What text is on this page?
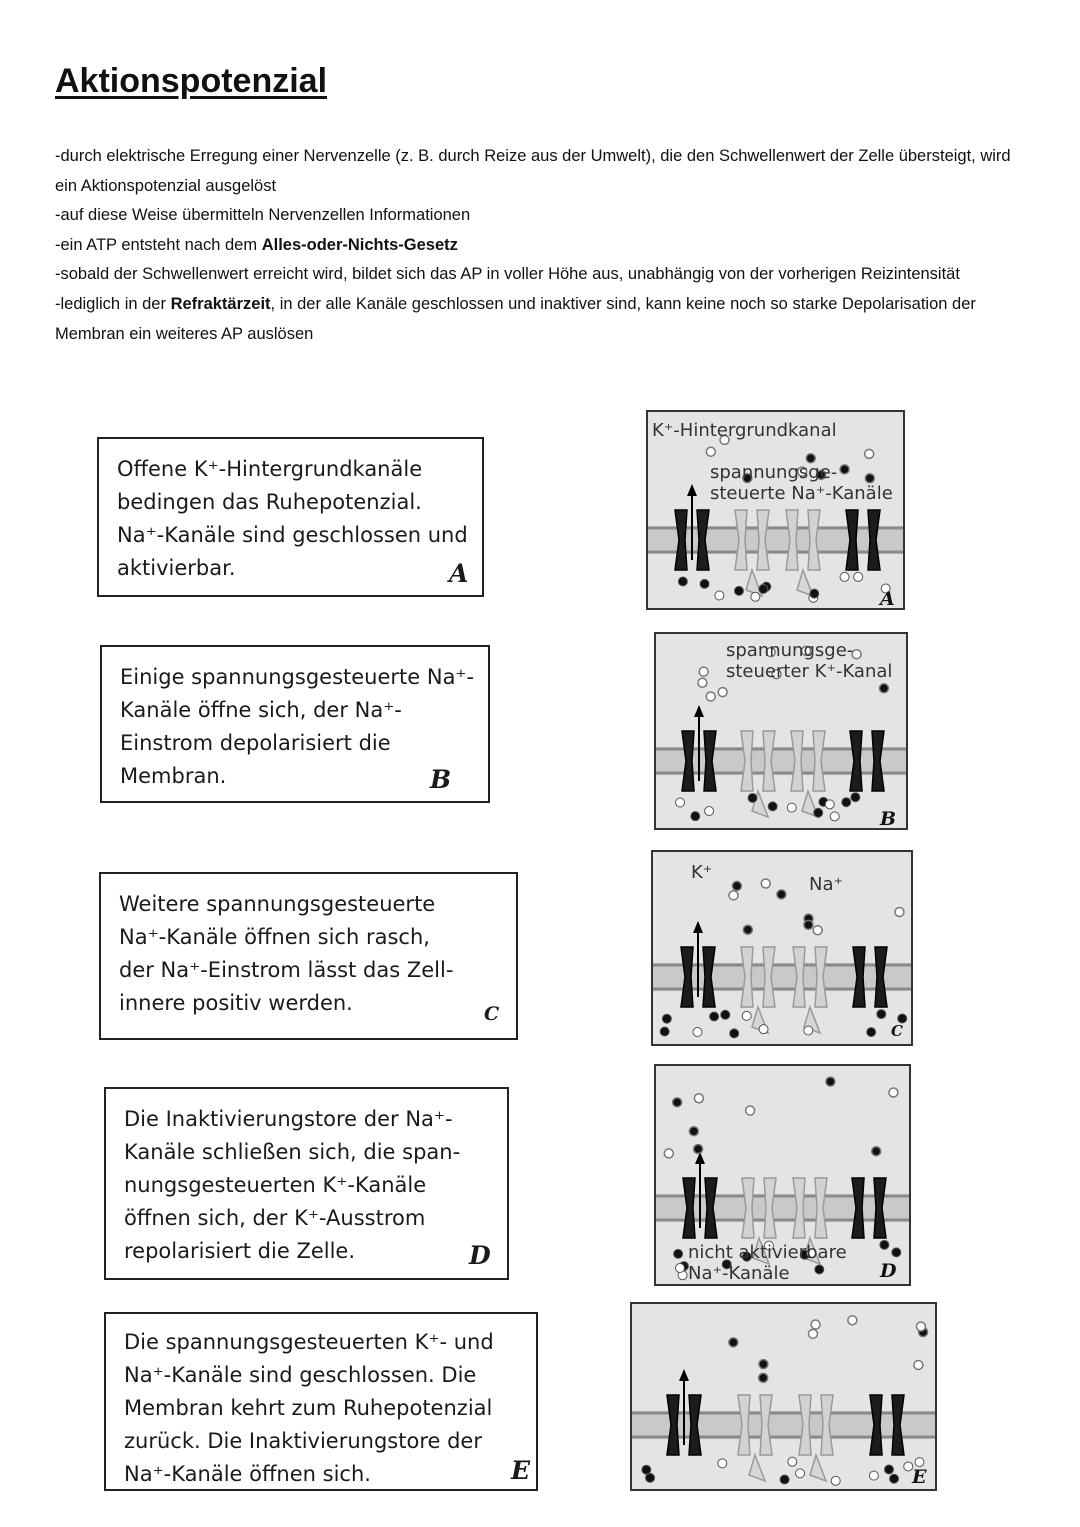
Aktionspotenzial

-durch elektrische Erregung einer Nervenzelle (z. B. durch Reize aus der Umwelt), die den Schwellenwert der Zelle übersteigt, wird ein Aktionspotenzial ausgelöst

-auf diese Weise übermitteln Nervenzellen Informationen

-ein ATP entsteht nach dem Alles-oder-Nichts-Gesetz

-sobald der Schwellenwert erreicht wird, bildet sich das AP in voller Höhe aus, unabhängig von der vorherigen Reizintensität

-lediglich in der Refraktärzeit, in der alle Kanäle geschlossen und inaktiver sind, kann keine noch so starke Depolarisation der Membran ein weiteres AP auslösen

Offene K⁺-Hintergrundkanäle
bedingen das Ruhepotenzial.
Na⁺-Kanäle sind geschlossen und
aktivierbar.	A
Einige spannungsgesteuerte Na⁺-
Kanäle öffne sich, der Na⁺-
Einstrom depolarisiert die
Membran.	B
Weitere spannungsgesteuerte
Na⁺-Kanäle öffnen sich rasch,
der Na⁺-Einstrom lässt das Zell-
innere positiv werden.	C
Die Inaktivierungstore der Na⁺-
Kanäle schließen sich, die span-
nungsgesteuerten K⁺-Kanäle
öffnen sich, der K⁺-Ausstrom
repolarisiert die Zelle.	D
Die spannungsgesteuerten K⁺- und
Na⁺-Kanäle sind geschlossen. Die
Membran kehrt zum Ruhepotenzial
zurück. Die Inaktivierungstore der
Na⁺-Kanäle öffnen sich.	E
K⁺-Hintergrundkanal
spannungsge-
steuerte Na⁺-Kanäle
A
spannungsge-
steuerter K⁺-Kanal
B
K⁺
Na⁺
C
nicht aktivierbare
Na⁺-Kanäle	D
E
